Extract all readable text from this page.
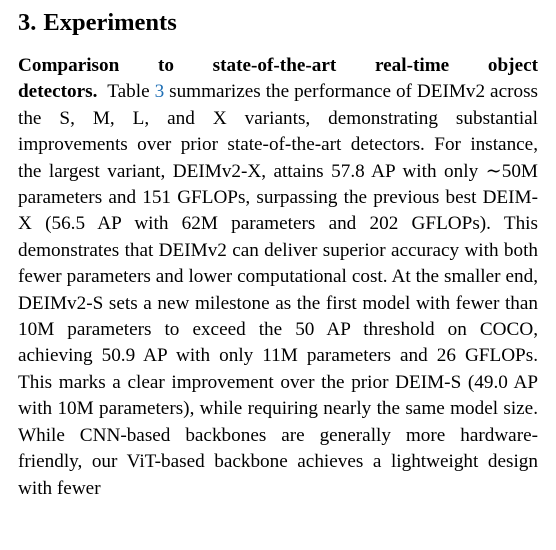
3. Experiments

Comparison to state-of-the-art real-time object detectors. Table 3 summarizes the performance of DEIMv2 across the S, M, L, and X variants, demonstrating substantial improvements over prior state-of-the-art detectors. For instance, the largest variant, DEIMv2-X, attains 57.8 AP with only ∼50M parameters and 151 GFLOPs, surpassing the previous best DEIM-X (56.5 AP with 62M parameters and 202 GFLOPs). This demonstrates that DEIMv2 can deliver superior accuracy with both fewer parameters and lower computational cost. At the smaller end, DEIMv2-S sets a new milestone as the first model with fewer than 10M parameters to exceed the 50 AP threshold on COCO, achieving 50.9 AP with only 11M parameters and 26 GFLOPs. This marks a clear improvement over the prior DEIM-S (49.0 AP with 10M parameters), while requiring nearly the same model size. While CNN-based backbones are generally more hardware-friendly, our ViT-based backbone achieves a lightweight design with fewer
